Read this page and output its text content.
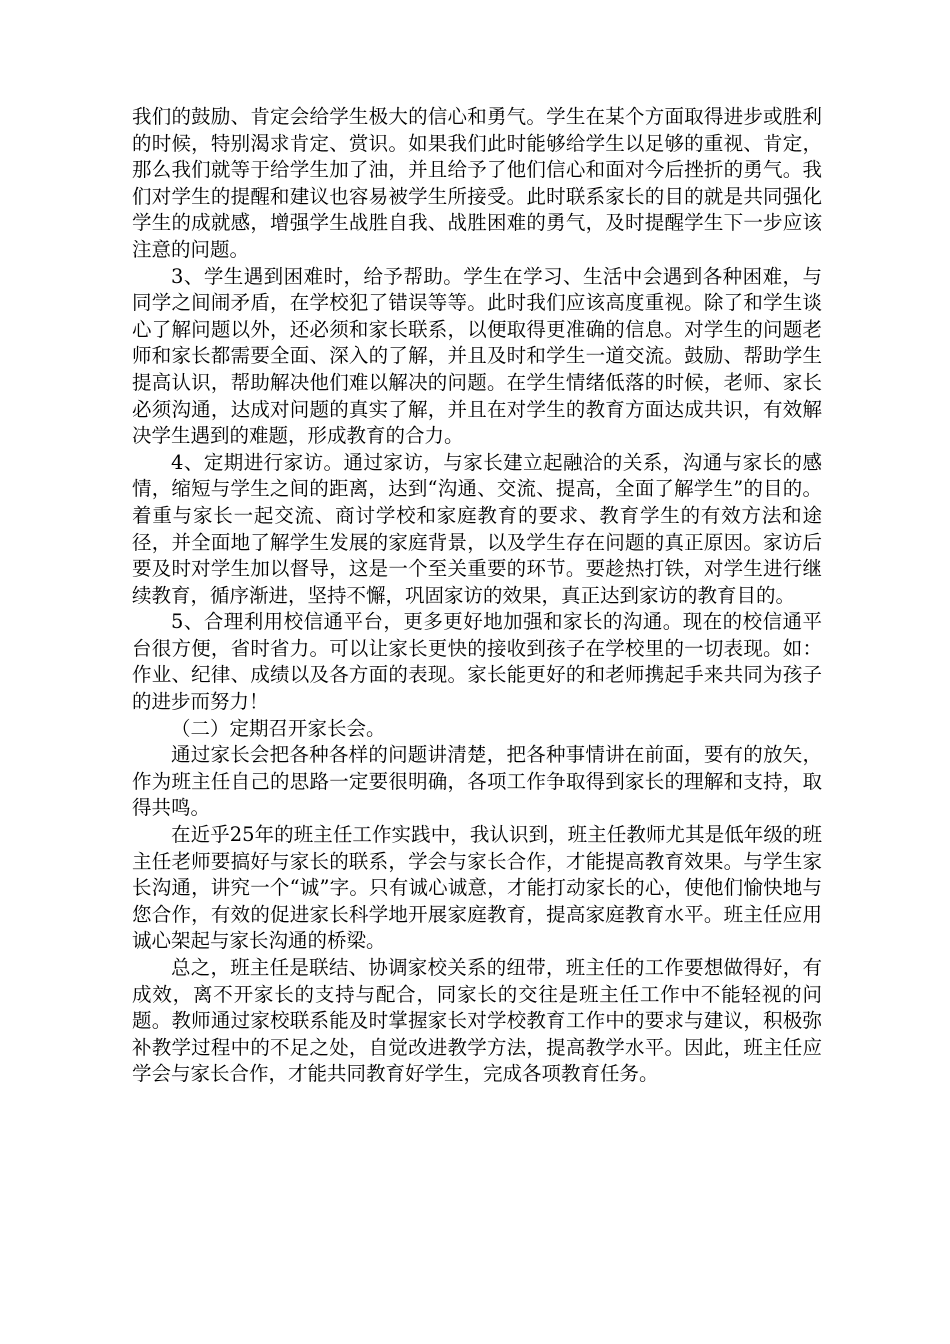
我们的鼓励、肯定会给学生极大的信心和勇气。学生在某个方面取得进步或胜利的时候，特别渴求肯定、赏识。如果我们此时能够给学生以足够的重视、肯定，那么我们就等于给学生加了油，并且给予了他们信心和面对今后挫折的勇气。我们对学生的提醒和建议也容易被学生所接受。此时联系家长的目的就是共同强化学生的成就感，增强学生战胜自我、战胜困难的勇气，及时提醒学生下一步应该注意的问题。

3、学生遇到困难时，给予帮助。学生在学习、生活中会遇到各种困难，与同学之间闹矛盾，在学校犯了错误等等。此时我们应该高度重视。除了和学生谈心了解问题以外，还必须和家长联系，以便取得更准确的信息。对学生的问题老师和家长都需要全面、深入的了解，并且及时和学生一道交流。鼓励、帮助学生提高认识，帮助解决他们难以解决的问题。在学生情绪低落的时候，老师、家长必须沟通，达成对问题的真实了解，并且在对学生的教育方面达成共识，有效解决学生遇到的难题，形成教育的合力。

4、定期进行家访。通过家访，与家长建立起融洽的关系，沟通与家长的感情，缩短与学生之间的距离，达到“沟通、交流、提高，全面了解学生”的目的。着重与家长一起交流、商讨学校和家庭教育的要求、教育学生的有效方法和途径，并全面地了解学生发展的家庭背景，以及学生存在问题的真正原因。家访后要及时对学生加以督导，这是一个至关重要的环节。要趁热打铁，对学生进行继续教育，循序渐进，坚持不懈，巩固家访的效果，真正达到家访的教育目的。

5、合理利用校信通平台，更多更好地加强和家长的沟通。现在的校信通平台很方便，省时省力。可以让家长更快的接收到孩子在学校里的一切表现。如：作业、纪律、成绩以及各方面的表现。家长能更好的和老师携起手来共同为孩子的进步而努力！

（二）定期召开家长会。

通过家长会把各种各样的问题讲清楚，把各种事情讲在前面，要有的放矢，作为班主任自己的思路一定要很明确，各项工作争取得到家长的理解和支持，取得共鸣。

在近乎25年的班主任工作实践中，我认识到，班主任教师尤其是低年级的班主任老师要搞好与家长的联系，学会与家长合作，才能提高教育效果。与学生家长沟通，讲究一个“诚”字。只有诚心诚意，才能打动家长的心，使他们愉快地与您合作，有效的促进家长科学地开展家庭教育，提高家庭教育水平。班主任应用诚心架起与家长沟通的桥梁。

总之，班主任是联结、协调家校关系的纽带，班主任的工作要想做得好，有成效，离不开家长的支持与配合，同家长的交往是班主任工作中不能轻视的问题。教师通过家校联系能及时掌握家长对学校教育工作中的要求与建议，积极弥补教学过程中的不足之处，自觉改进教学方法，提高教学水平。因此，班主任应学会与家长合作，才能共同教育好学生，完成各项教育任务。
